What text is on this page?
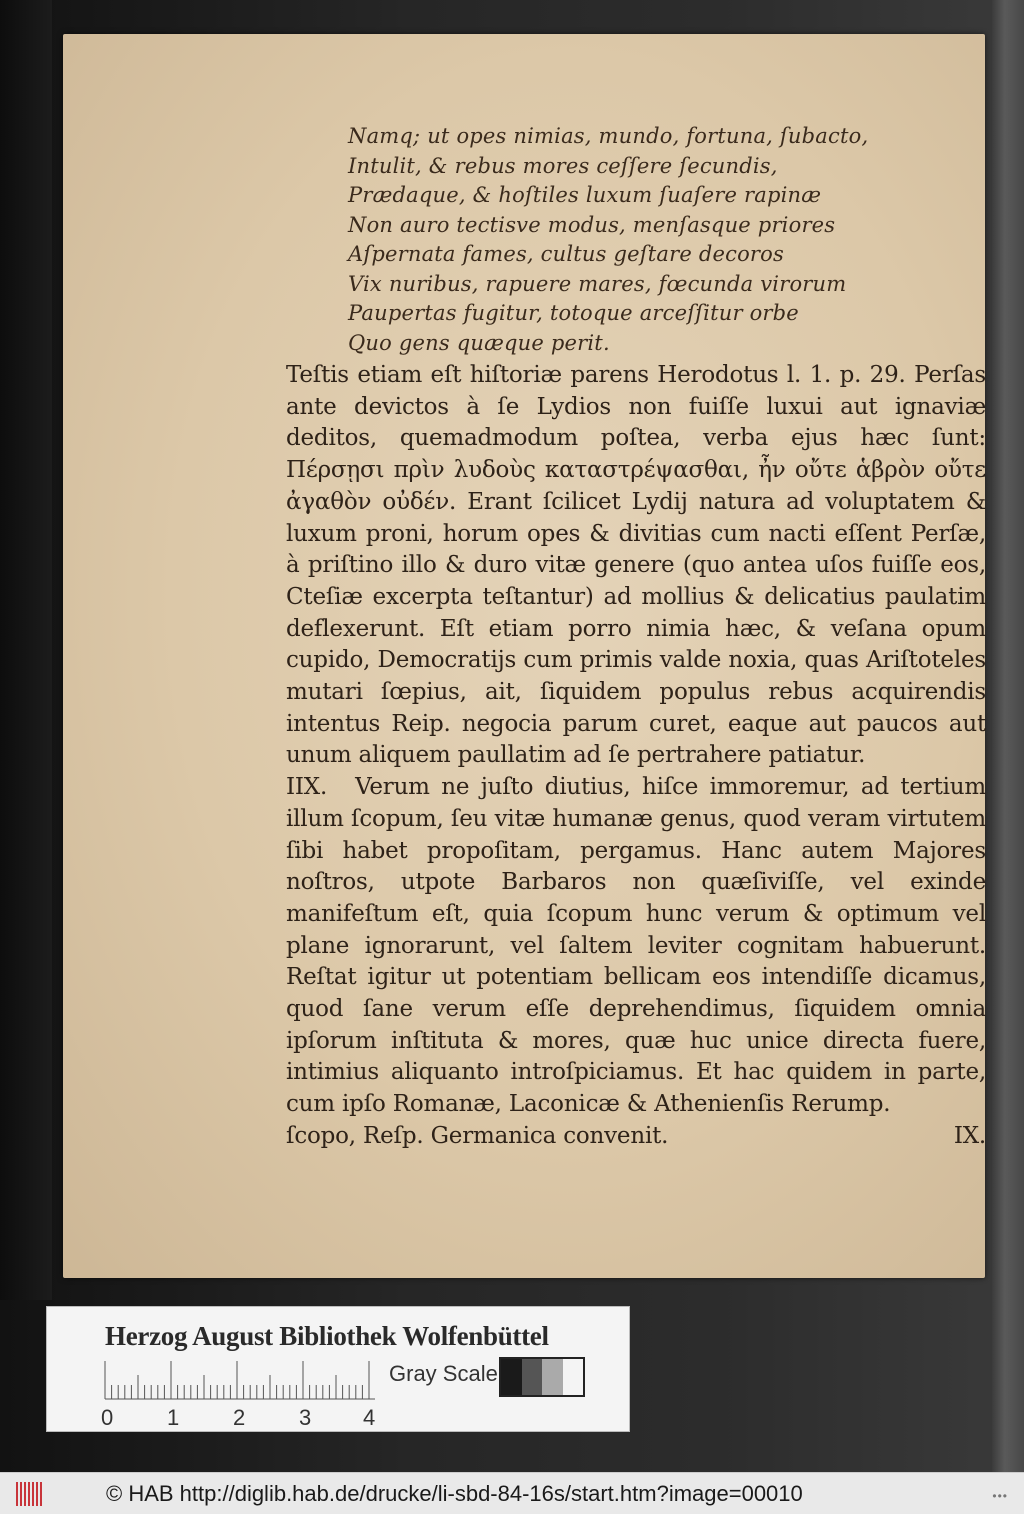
Namq; ut opes nimias, mundo, fortuna, ſubacto,
Intulit, & rebus mores ceſſere ſecundis,
Prædaque, & hoſtiles luxum ſuaſere rapinæ
Non auro tectisve modus, menſasque priores
Aſpernata fames, cultus geſtare decoros
Vix nuribus, rapuere mares, fœcunda virorum
Paupertas fugitur, totoque arceſſitur orbe
Quo gens quæque perit.

Teſtis etiam eſt hiſtoriæ parens Herodotus l. 1. p. 29. Perſas ante devictos à ſe Lydios non fuiſſe luxui aut ignaviæ deditos, quemadmodum poſtea, verba ejus hæc ſunt: Πέρσῃσι πρὶν λυδοὺς καταστρέψασθαι, ἦν οὔτε ἁβρὸν οὔτε ἀγαθὸν οὐδέν. Erant ſcilicet Lydij natura ad voluptatem & luxum proni, horum opes & divitias cum nacti eſſent Perſæ, à priſtino illo & duro vitæ genere (quo antea uſos fuiſſe eos, Cteſiæ excerpta teſtantur) ad mollius & delicatius paulatim deflexerunt. Eſt etiam porro nimia hæc, & veſana opum cupido, Democratijs cum primis valde noxia, quas Ariſtoteles mutari ſœpius, ait, ſiquidem populus rebus acquirendis intentus Reip. negocia parum curet, eaque aut paucos aut unum aliquem paullatim ad ſe pertrahere patiatur.

IIX. Verum ne juſto diutius, hiſce immoremur, ad tertium illum ſcopum, ſeu vitæ humanæ genus, quod veram virtutem ſibi habet propoſitam, pergamus. Hanc autem Majores noſtros, utpote Barbaros non quæſiviſſe, vel exinde manifeſtum eſt, quia ſcopum hunc verum & optimum vel plane ignorarunt, vel ſaltem leviter cognitam habuerunt. Reſtat igitur ut potentiam bellicam eos intendiſſe dicamus, quod ſane verum eſſe deprehendimus, ſiquidem omnia ipſorum inſtituta & mores, quæ huc unice directa fuere, intimius aliquanto introſpiciamus. Et hac quidem in parte, cum ipſo Romanæ, Laconicæ & Athenienſis Rerump.

ſcopo, Reſp. Germanica convenit.	IX.
Herzog August Bibliothek Wolfenbüttel
Gray Scale
0 1 2 3 4
© HAB http://diglib.hab.de/drucke/li-sbd-84-16s/start.htm?image=00010	•••
